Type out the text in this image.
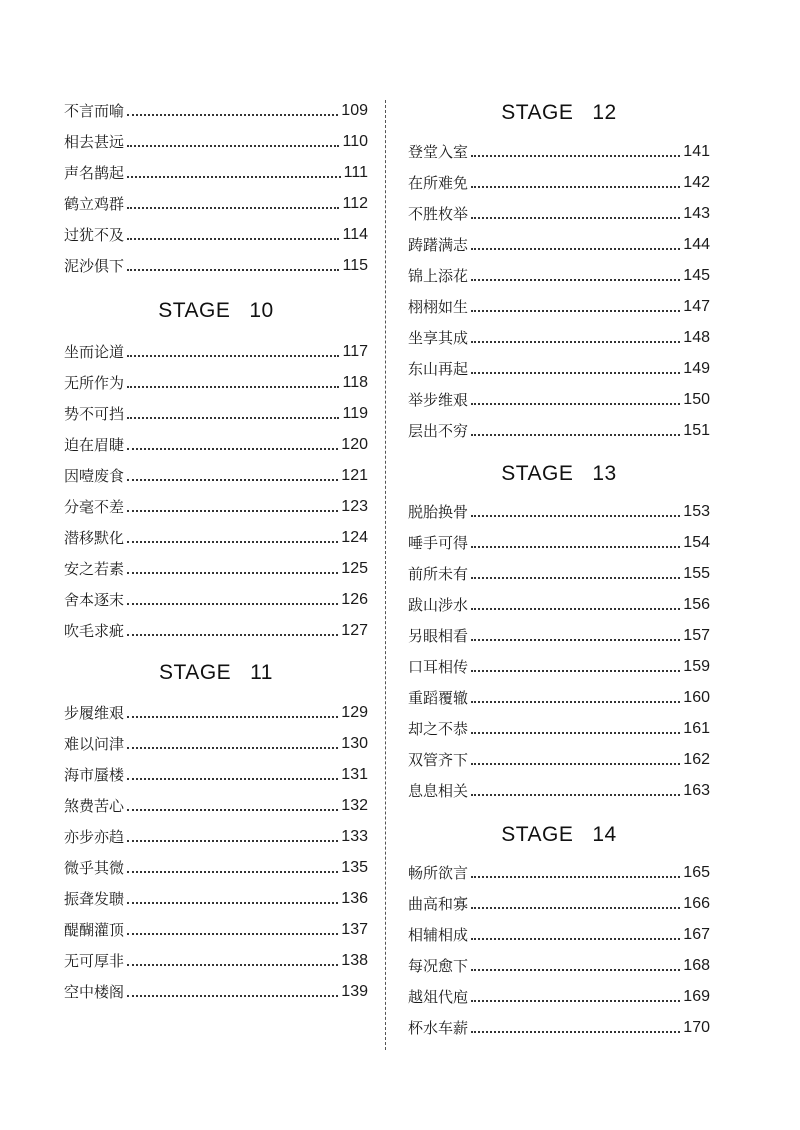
不言而喻	109
相去甚远	110
声名鹊起	111
鹤立鸡群	112
过犹不及	114
泥沙俱下	115
STAGE   10
坐而论道	117
无所作为	118
势不可挡	119
迫在眉睫	120
因噎废食	121
分毫不差	123
潜移默化	124
安之若素	125
舍本逐末	126
吹毛求疵	127
STAGE   11
步履维艰	129
难以问津	130
海市蜃楼	131
煞费苦心	132
亦步亦趋	133
微乎其微	135
振聋发聩	136
醍醐灌顶	137
无可厚非	138
空中楼阁	139
STAGE   12
登堂入室	141
在所难免	142
不胜枚举	143
踌躇满志	144
锦上添花	145
栩栩如生	147
坐享其成	148
东山再起	149
举步维艰	150
层出不穷	151
STAGE   13
脱胎换骨	153
唾手可得	154
前所未有	155
跋山涉水	156
另眼相看	157
口耳相传	159
重蹈覆辙	160
却之不恭	161
双管齐下	162
息息相关	163
STAGE   14
畅所欲言	165
曲高和寡	166
相辅相成	167
每况愈下	168
越俎代庖	169
杯水车薪	170
